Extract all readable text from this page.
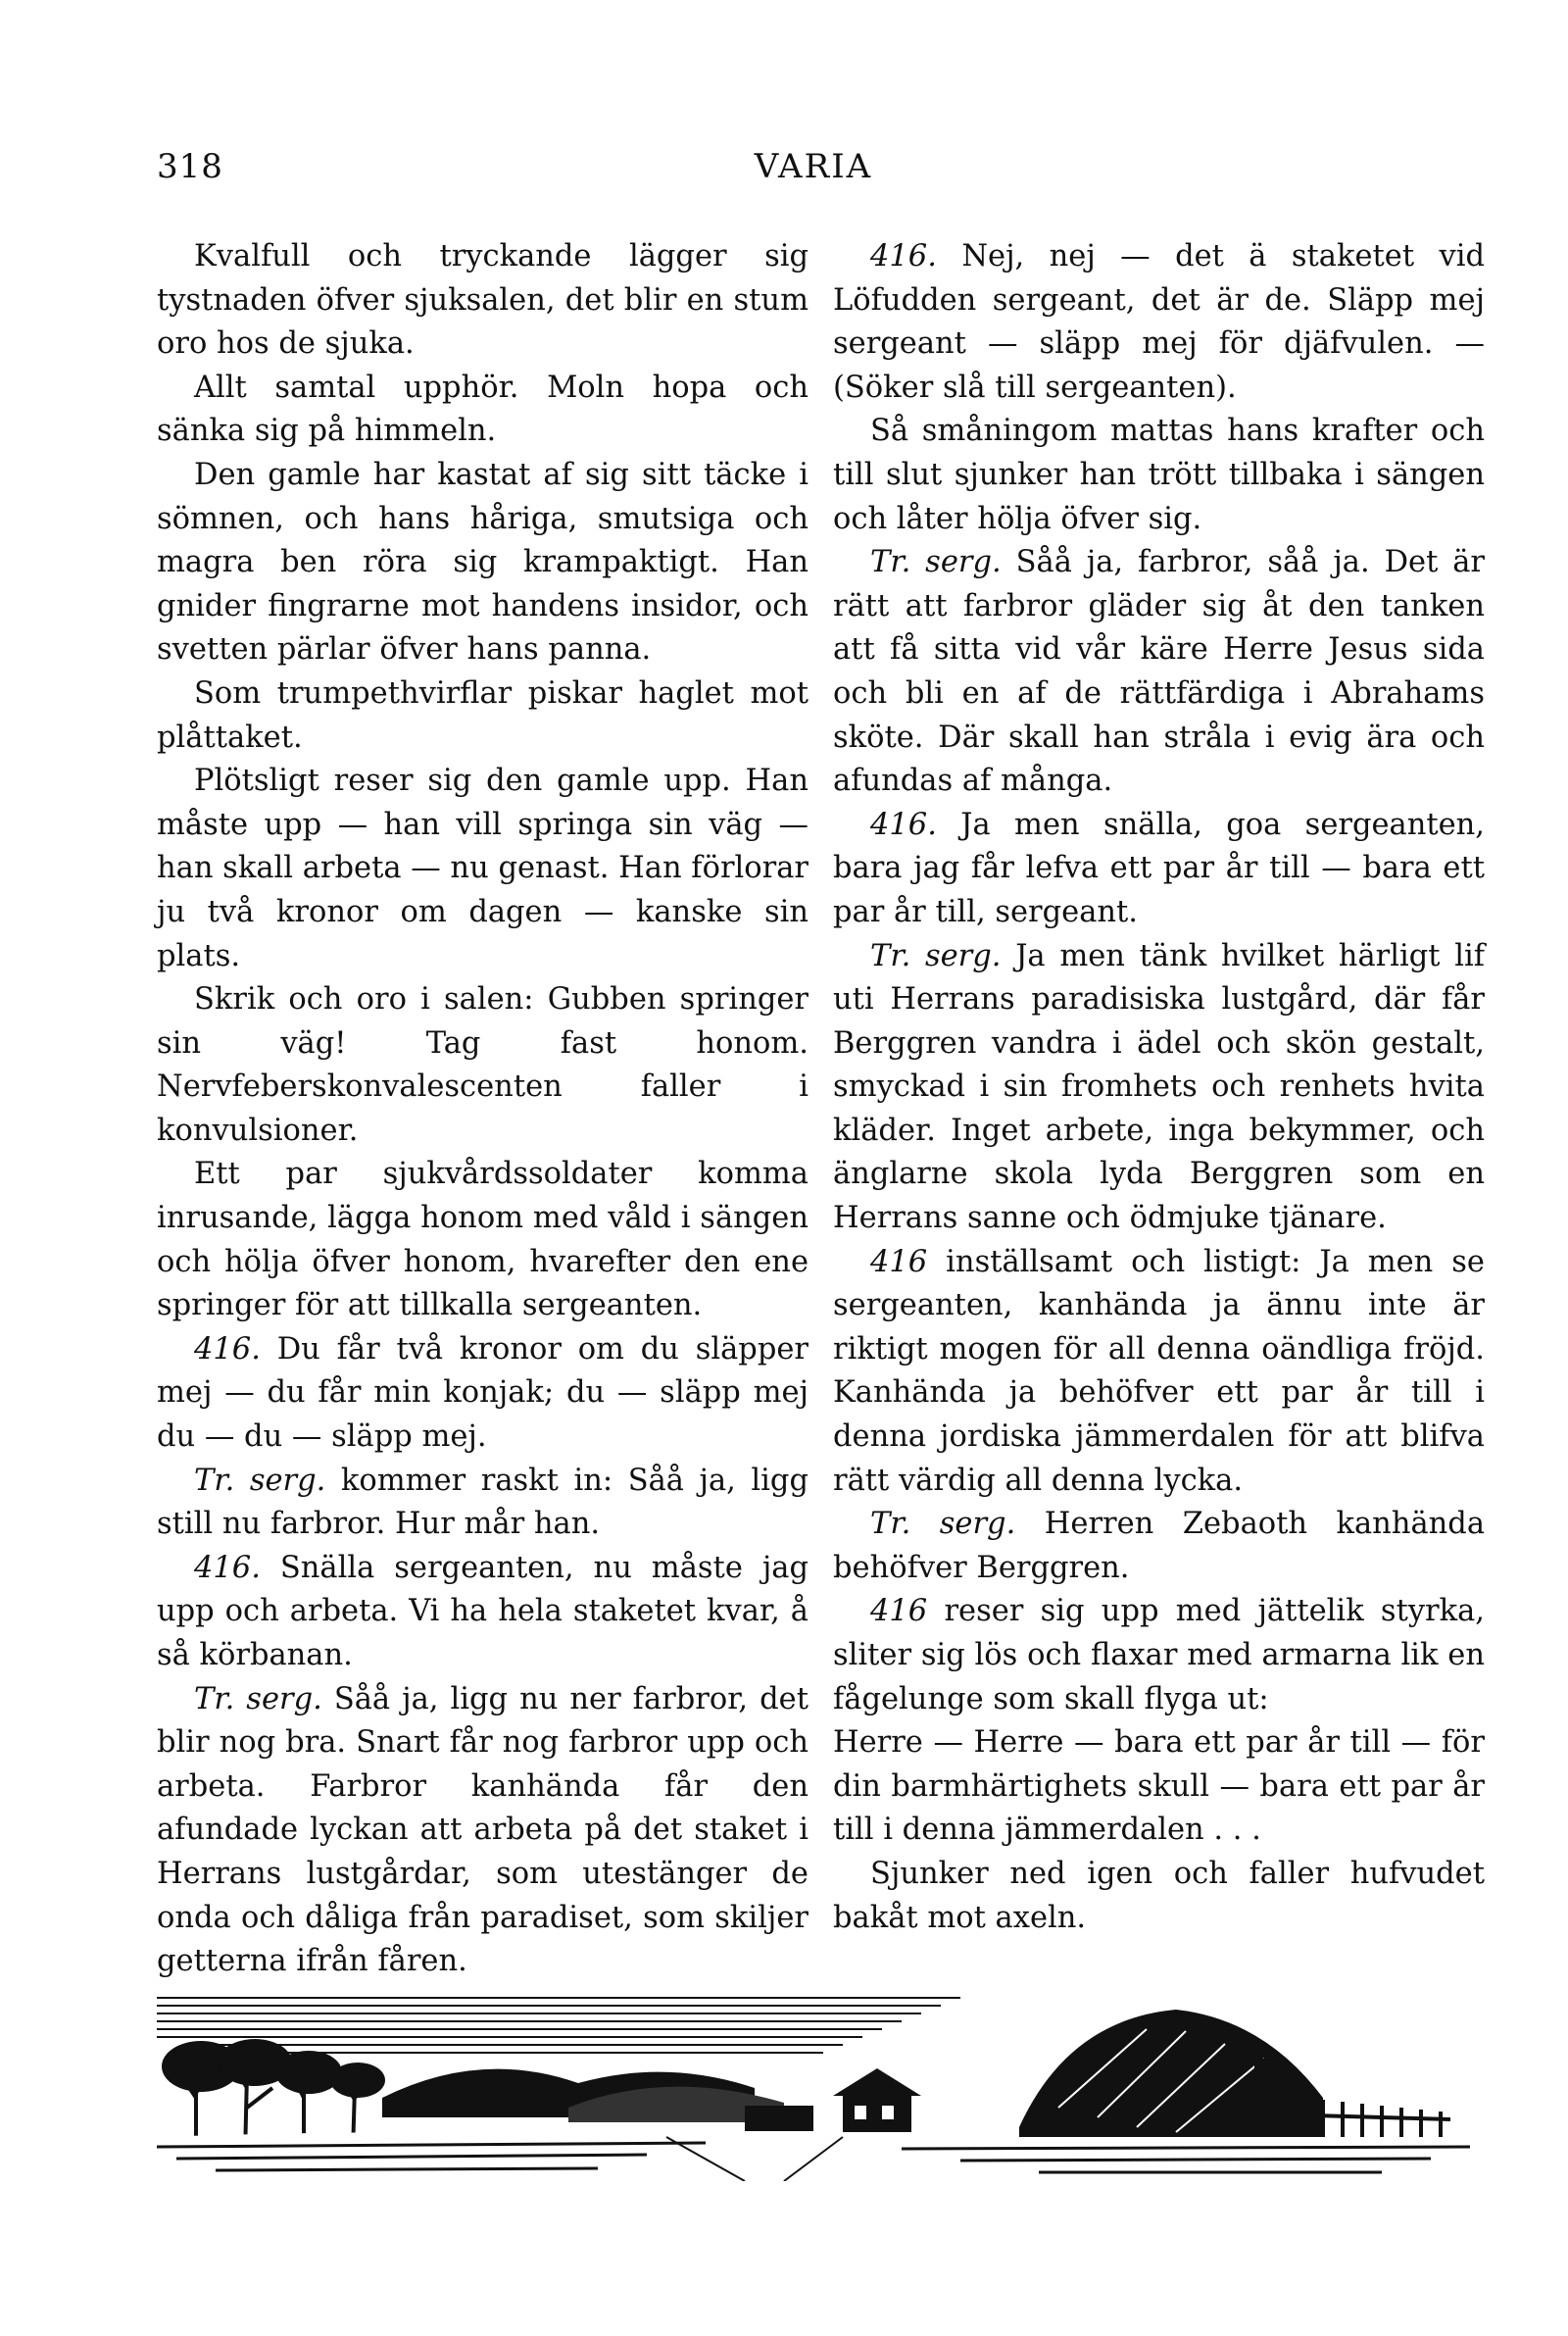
318	VARIA

Kvalfull och tryckande lägger sig tystnaden öfver sjuksalen, det blir en stum oro hos de sjuka.

Allt samtal upphör. Moln hopa och sänka sig på himmeln.

Den gamle har kastat af sig sitt täcke i sömnen, och hans håriga, smutsiga och magra ben röra sig krampaktigt. Han gnider fingrarne mot handens insidor, och svetten pärlar öfver hans panna.

Som trumpethvirflar piskar haglet mot plåttaket.

Plötsligt reser sig den gamle upp. Han måste upp — han vill springa sin väg — han skall arbeta — nu genast. Han förlorar ju två kronor om dagen — kanske sin plats.

Skrik och oro i salen: Gubben springer sin väg! Tag fast honom. Nervfeberskonvalescenten faller i konvulsioner.

Ett par sjukvårdssoldater komma inrusande, lägga honom med våld i sängen och hölja öfver honom, hvarefter den ene springer för att tillkalla sergeanten.

416. Du får två kronor om du släpper mej — du får min konjak; du — släpp mej du — du — släpp mej.

Tr. serg. kommer raskt in: Såå ja, ligg still nu farbror. Hur mår han.

416. Snälla sergeanten, nu måste jag upp och arbeta. Vi ha hela staketet kvar, å så körbanan.

Tr. serg. Såå ja, ligg nu ner farbror, det blir nog bra. Snart får nog farbror upp och arbeta. Farbror kanhända får den afundade lyckan att arbeta på det staket i Herrans lustgårdar, som utestänger de onda och dåliga från paradiset, som skiljer getterna ifrån fåren.

416. Nej, nej — det ä staketet vid Löfudden sergeant, det är de. Släpp mej sergeant — släpp mej för djäfvulen. — (Söker slå till sergeanten).

Så småningom mattas hans krafter och till slut sjunker han trött tillbaka i sängen och låter hölja öfver sig.

Tr. serg. Såå ja, farbror, såå ja. Det är rätt att farbror gläder sig åt den tanken att få sitta vid vår käre Herre Jesus sida och bli en af de rättfärdiga i Abrahams sköte. Där skall han stråla i evig ära och afundas af många.

416. Ja men snälla, goa sergeanten, bara jag får lefva ett par år till — bara ett par år till, sergeant.

Tr. serg. Ja men tänk hvilket härligt lif uti Herrans paradisiska lustgård, där får Berggren vandra i ädel och skön gestalt, smyckad i sin fromhets och renhets hvita kläder. Inget arbete, inga bekymmer, och änglarne skola lyda Berggren som en Herrans sanne och ödmjuke tjänare.

416 inställsamt och listigt: Ja men se sergeanten, kanhända ja ännu inte är riktigt mogen för all denna oändliga fröjd. Kanhända ja behöfver ett par år till i denna jordiska jämmerdalen för att blifva rätt värdig all denna lycka.

Tr. serg. Herren Zebaoth kanhända behöfver Berggren.

416 reser sig upp med jättelik styrka, sliter sig lös och flaxar med armarna lik en fågelunge som skall flyga ut:

Herre — Herre — bara ett par år till — för din barmhärtighets skull — bara ett par år till i denna jämmerdalen . . .

Sjunker ned igen och faller hufvudet bakåt mot axeln.
